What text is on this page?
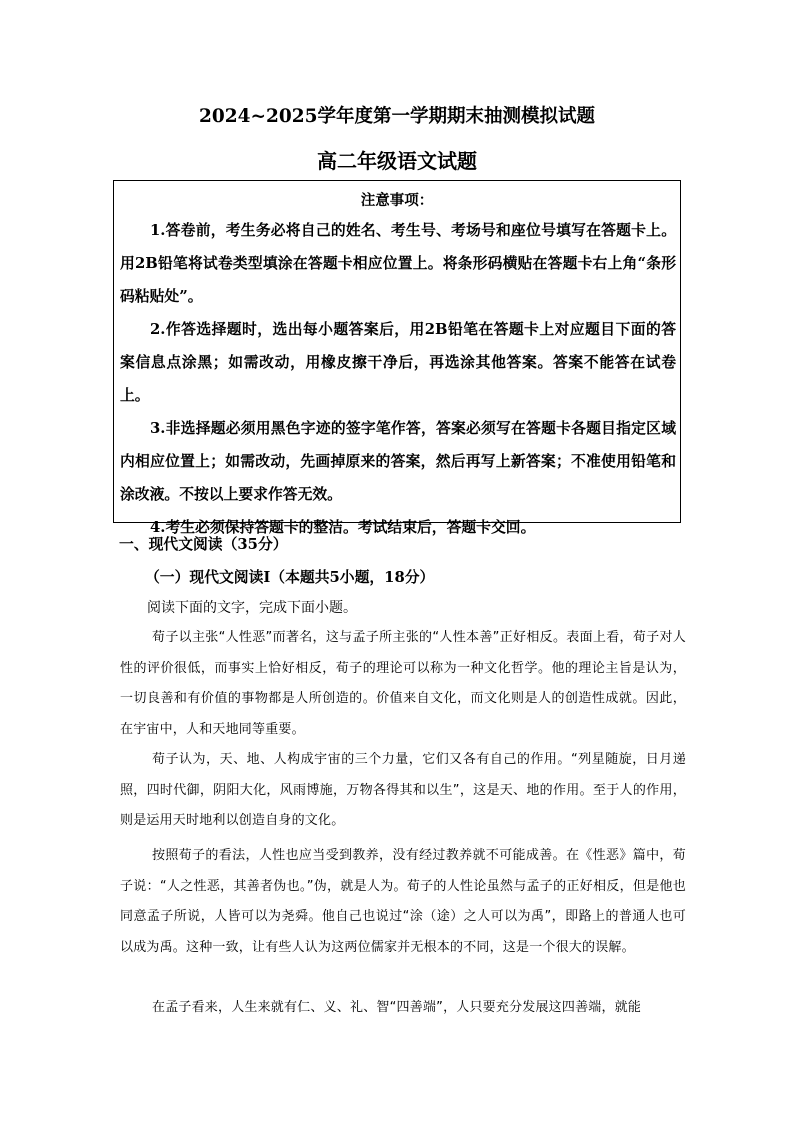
2024~2025学年度第一学期期末抽测模拟试题
高二年级语文试题
注意事项：

1.答卷前，考生务必将自己的姓名、考生号、考场号和座位号填写在答题卡上。用2B铅笔将试卷类型填涂在答题卡相应位置上。将条形码横贴在答题卡右上角“条形码粘贴处”。

2.作答选择题时，选出每小题答案后，用2B铅笔在答题卡上对应题目下面的答案信息点涂黑；如需改动，用橡皮擦干净后，再选涂其他答案。答案不能答在试卷上。

3.非选择题必须用黑色字迹的签字笔作答，答案必须写在答题卡各题目指定区域内相应位置上；如需改动，先画掉原来的答案，然后再写上新答案；不准使用铅笔和涂改液。不按以上要求作答无效。

4.考生必须保持答题卡的整洁。考试结束后，答题卡交回。

一、现代文阅读（35分）
（一）现代文阅读Ⅰ（本题共5小题，18分）
阅读下面的文字，完成下面小题。

荀子以主张“人性恶”而著名，这与孟子所主张的“人性本善”正好相反。表面上看，荀子对人性的评价很低，而事实上恰好相反，荀子的理论可以称为一种文化哲学。他的理论主旨是认为，一切良善和有价值的事物都是人所创造的。价值来自文化，而文化则是人的创造性成就。因此，在宇宙中，人和天地同等重要。

荀子认为，天、地、人构成宇宙的三个力量，它们又各有自己的作用。“列星随旋，日月递照，四时代御，阴阳大化，风雨博施，万物各得其和以生”，这是天、地的作用。至于人的作用，则是运用天时地利以创造自身的文化。

按照荀子的看法，人性也应当受到教养，没有经过教养就不可能成善。在《性恶》篇中，荀子说：“人之性恶，其善者伪也。”伪，就是人为。荀子的人性论虽然与孟子的正好相反，但是他也同意孟子所说，人皆可以为尧舜。他自己也说过“涂（途）之人可以为禹”，即路上的普通人也可以成为禹。这种一致，让有些人认为这两位儒家并无根本的不同，这是一个很大的误解。

在孟子看来，人生来就有仁、义、礼、智“四善端”，人只要充分发展这四善端，就能
